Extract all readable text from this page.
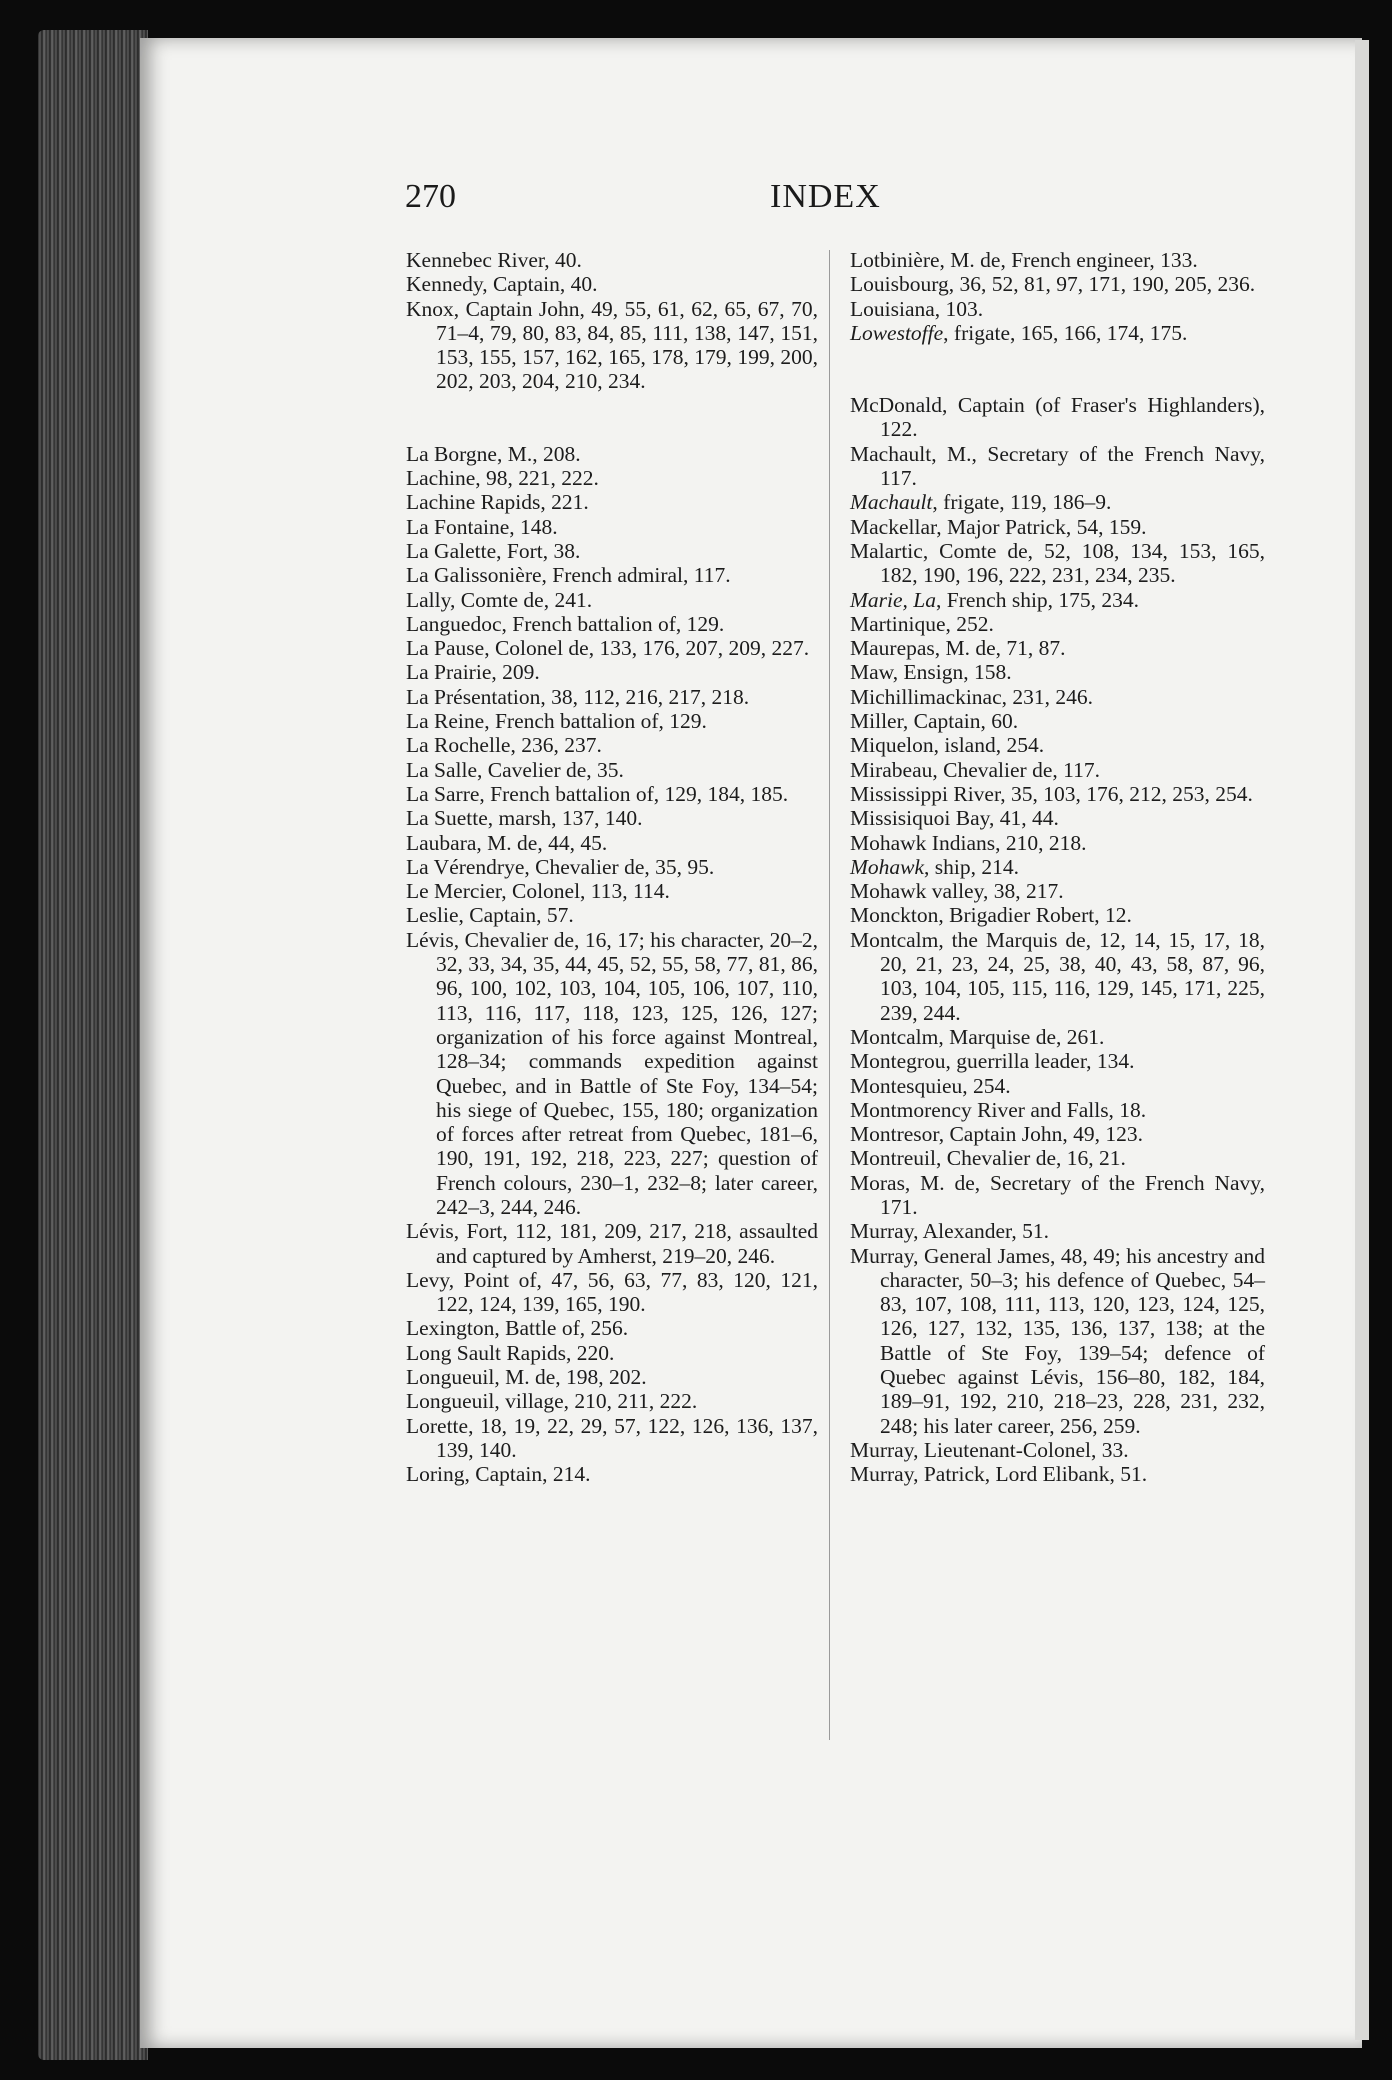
270	INDEX

Kennebec River, 40.

Kennedy, Captain, 40.

Knox, Captain John, 49, 55, 61, 62, 65, 67, 70, 71–4, 79, 80, 83, 84, 85, 111, 138, 147, 151, 153, 155, 157, 162, 165, 178, 179, 199, 200, 202, 203, 204, 210, 234.

La Borgne, M., 208.

Lachine, 98, 221, 222.

Lachine Rapids, 221.

La Fontaine, 148.

La Galette, Fort, 38.

La Galissonière, French admiral, 117.

Lally, Comte de, 241.

Languedoc, French battalion of, 129.

La Pause, Colonel de, 133, 176, 207, 209, 227.

La Prairie, 209.

La Présentation, 38, 112, 216, 217, 218.

La Reine, French battalion of, 129.

La Rochelle, 236, 237.

La Salle, Cavelier de, 35.

La Sarre, French battalion of, 129, 184, 185.

La Suette, marsh, 137, 140.

Laubara, M. de, 44, 45.

La Vérendrye, Chevalier de, 35, 95.

Le Mercier, Colonel, 113, 114.

Leslie, Captain, 57.

Lévis, Chevalier de, 16, 17; his character, 20–2, 32, 33, 34, 35, 44, 45, 52, 55, 58, 77, 81, 86, 96, 100, 102, 103, 104, 105, 106, 107, 110, 113, 116, 117, 118, 123, 125, 126, 127; organization of his force against Montreal, 128–34; commands expedition against Quebec, and in Battle of Ste Foy, 134–54; his siege of Quebec, 155, 180; organization of forces after retreat from Quebec, 181–6, 190, 191, 192, 218, 223, 227; question of French colours, 230–1, 232–8; later career, 242–3, 244, 246.

Lévis, Fort, 112, 181, 209, 217, 218, assaulted and captured by Amherst, 219–20, 246.

Levy, Point of, 47, 56, 63, 77, 83, 120, 121, 122, 124, 139, 165, 190.

Lexington, Battle of, 256.

Long Sault Rapids, 220.

Longueuil, M. de, 198, 202.

Longueuil, village, 210, 211, 222.

Lorette, 18, 19, 22, 29, 57, 122, 126, 136, 137, 139, 140.

Loring, Captain, 214.

Lotbinière, M. de, French engineer, 133.

Louisbourg, 36, 52, 81, 97, 171, 190, 205, 236.

Louisiana, 103.

Lowestoffe, frigate, 165, 166, 174, 175.

McDonald, Captain (of Fraser's Highlanders), 122.

Machault, M., Secretary of the French Navy, 117.

Machault, frigate, 119, 186–9.

Mackellar, Major Patrick, 54, 159.

Malartic, Comte de, 52, 108, 134, 153, 165, 182, 190, 196, 222, 231, 234, 235.

Marie, La, French ship, 175, 234.

Martinique, 252.

Maurepas, M. de, 71, 87.

Maw, Ensign, 158.

Michillimackinac, 231, 246.

Miller, Captain, 60.

Miquelon, island, 254.

Mirabeau, Chevalier de, 117.

Mississippi River, 35, 103, 176, 212, 253, 254.

Missisiquoi Bay, 41, 44.

Mohawk Indians, 210, 218.

Mohawk, ship, 214.

Mohawk valley, 38, 217.

Monckton, Brigadier Robert, 12.

Montcalm, the Marquis de, 12, 14, 15, 17, 18, 20, 21, 23, 24, 25, 38, 40, 43, 58, 87, 96, 103, 104, 105, 115, 116, 129, 145, 171, 225, 239, 244.

Montcalm, Marquise de, 261.

Montegrou, guerrilla leader, 134.

Montesquieu, 254.

Montmorency River and Falls, 18.

Montresor, Captain John, 49, 123.

Montreuil, Chevalier de, 16, 21.

Moras, M. de, Secretary of the French Navy, 171.

Murray, Alexander, 51.

Murray, General James, 48, 49; his ancestry and character, 50–3; his defence of Quebec, 54–83, 107, 108, 111, 113, 120, 123, 124, 125, 126, 127, 132, 135, 136, 137, 138; at the Battle of Ste Foy, 139–54; defence of Quebec against Lévis, 156–80, 182, 184, 189–91, 192, 210, 218–23, 228, 231, 232, 248; his later career, 256, 259.

Murray, Lieutenant-Colonel, 33.

Murray, Patrick, Lord Elibank, 51.
